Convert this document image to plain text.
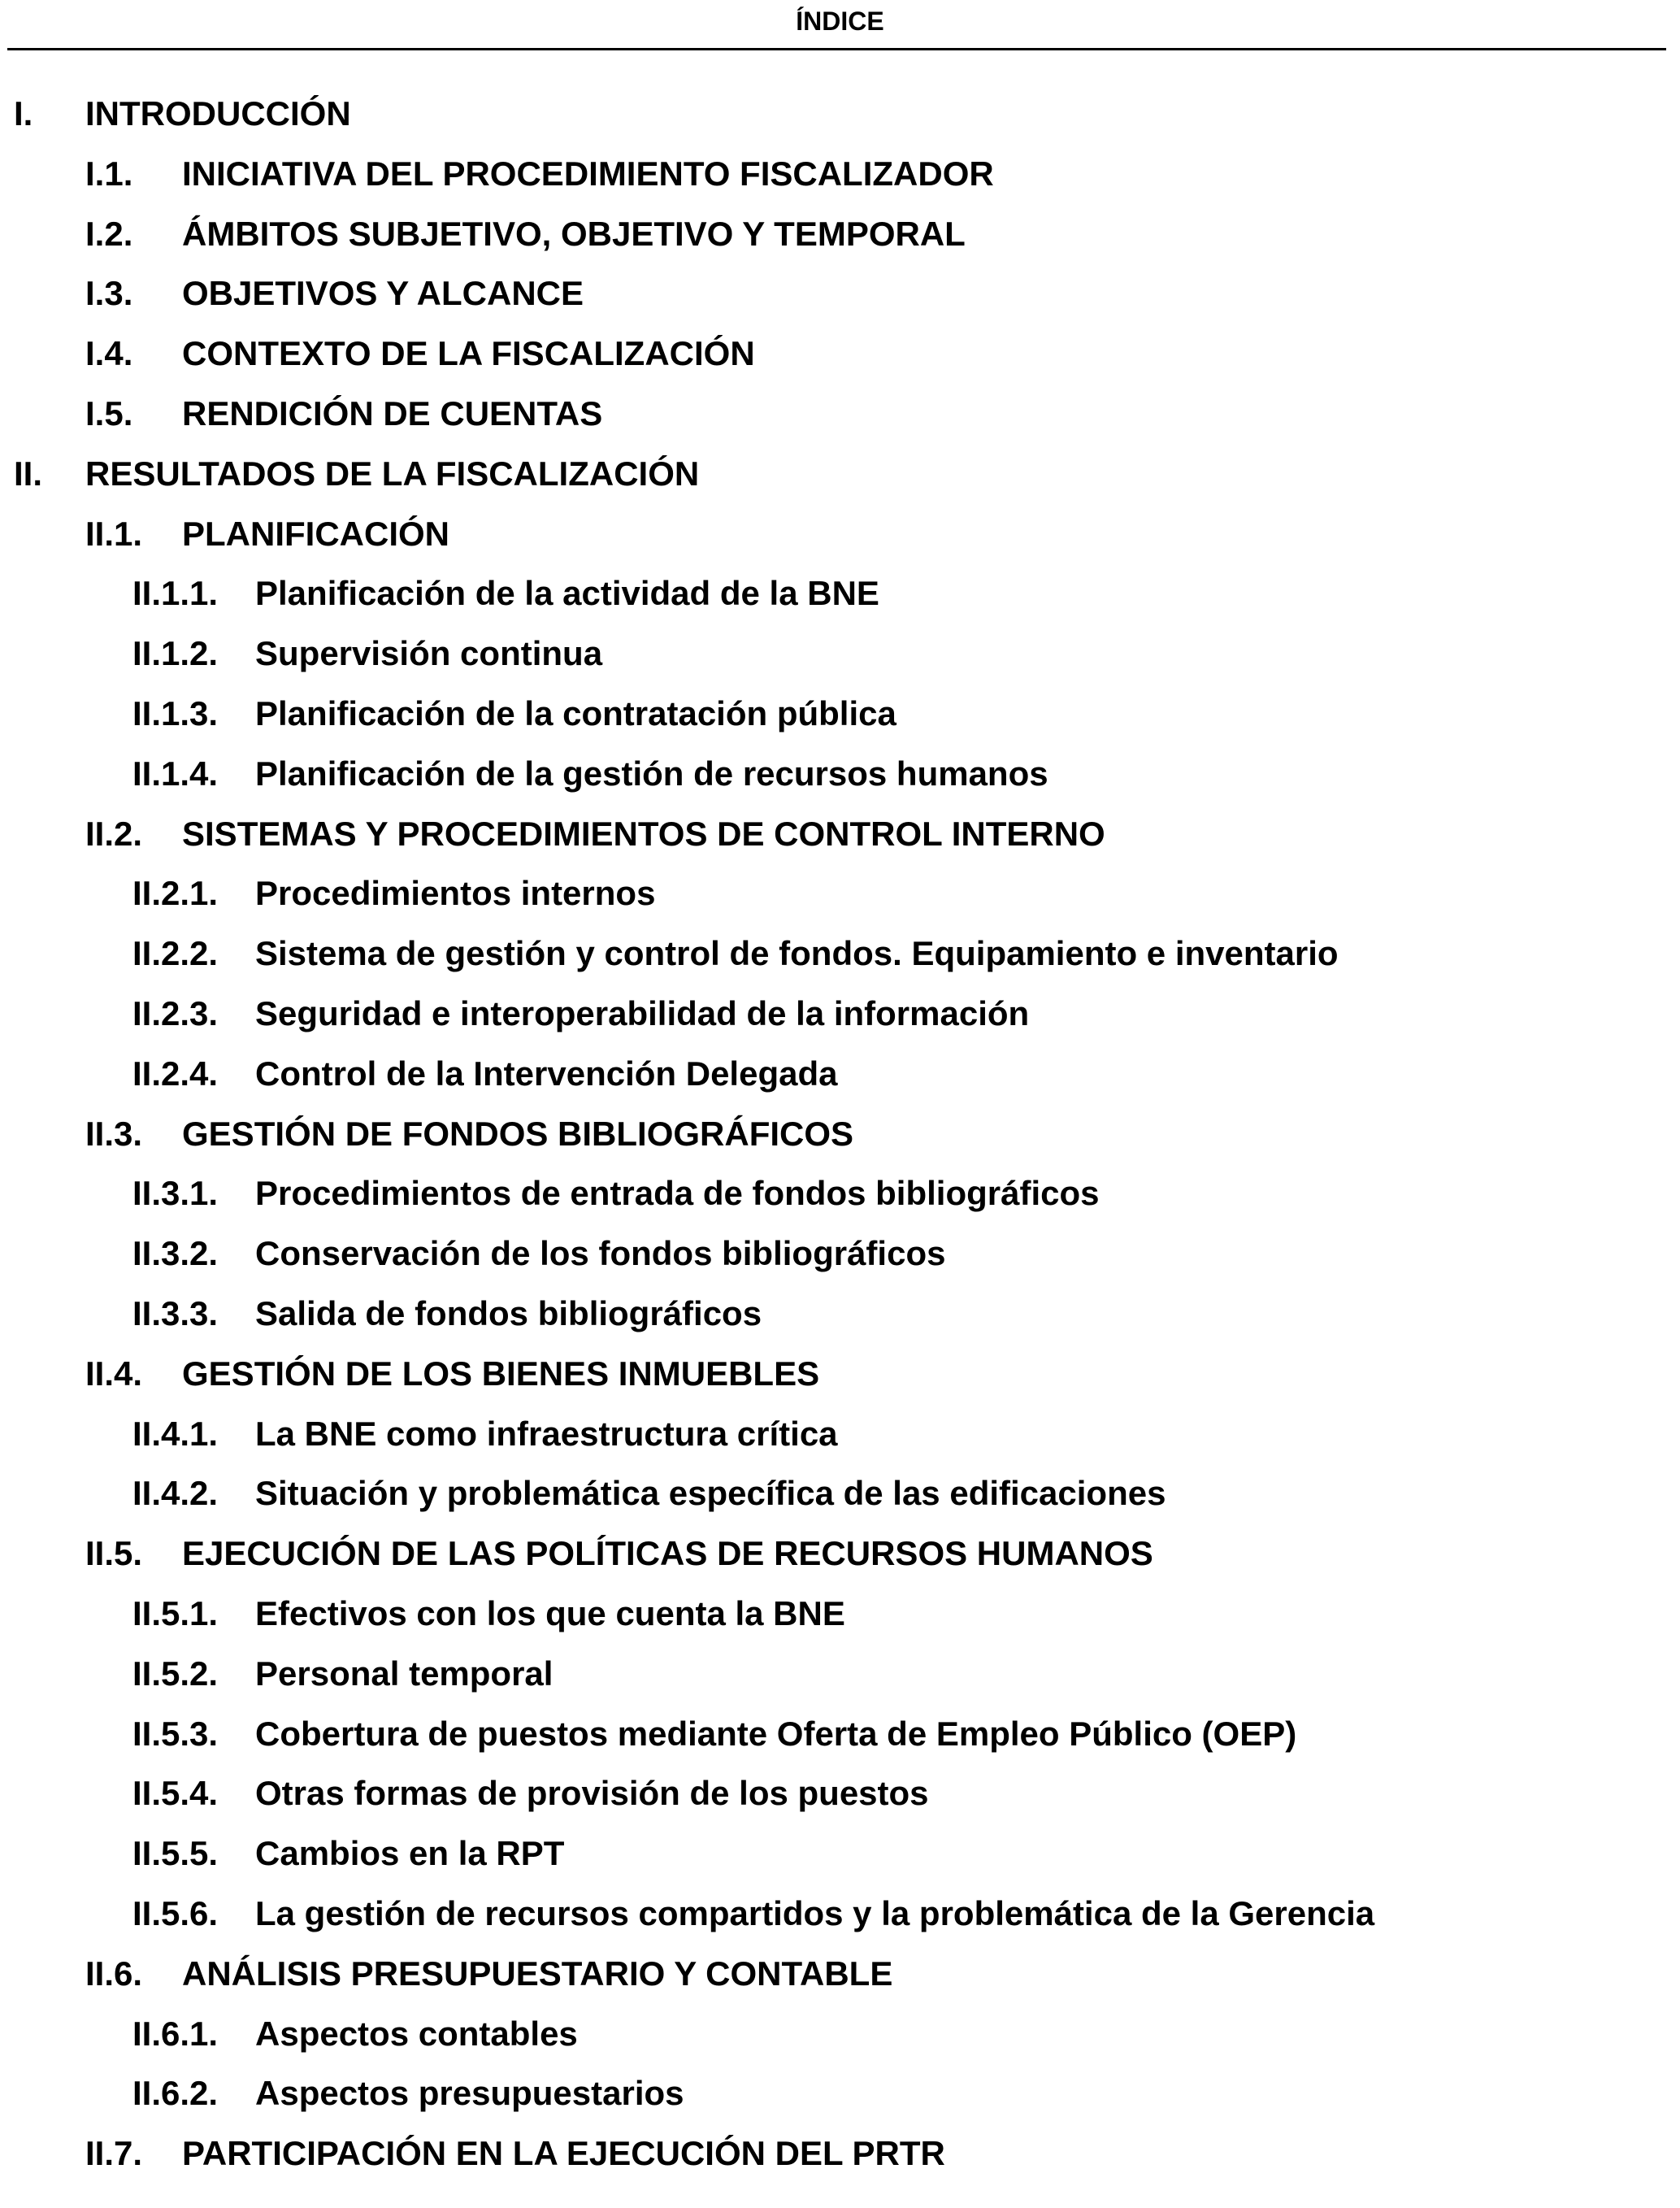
ÍNDICE
I. INTRODUCCIÓN
I.1. INICIATIVA DEL PROCEDIMIENTO FISCALIZADOR
I.2. ÁMBITOS SUBJETIVO, OBJETIVO Y TEMPORAL
I.3. OBJETIVOS Y ALCANCE
I.4. CONTEXTO DE LA FISCALIZACIÓN
I.5. RENDICIÓN DE CUENTAS
II. RESULTADOS DE LA FISCALIZACIÓN
II.1. PLANIFICACIÓN
II.1.1. Planificación de la actividad de la BNE
II.1.2. Supervisión continua
II.1.3. Planificación de la contratación pública
II.1.4. Planificación de la gestión de recursos humanos
II.2. SISTEMAS Y PROCEDIMIENTOS DE CONTROL INTERNO
II.2.1. Procedimientos internos
II.2.2. Sistema de gestión y control de fondos. Equipamiento e inventario
II.2.3. Seguridad e interoperabilidad de la información
II.2.4. Control de la Intervención Delegada
II.3. GESTIÓN DE FONDOS BIBLIOGRÁFICOS
II.3.1. Procedimientos de entrada de fondos bibliográficos
II.3.2. Conservación de los fondos bibliográficos
II.3.3. Salida de fondos bibliográficos
II.4. GESTIÓN DE LOS BIENES INMUEBLES
II.4.1. La BNE como infraestructura crítica
II.4.2. Situación y problemática específica de las edificaciones
II.5. EJECUCIÓN DE LAS POLÍTICAS DE RECURSOS HUMANOS
II.5.1. Efectivos con los que cuenta la BNE
II.5.2. Personal temporal
II.5.3. Cobertura de puestos mediante Oferta de Empleo Público (OEP)
II.5.4. Otras formas de provisión de los puestos
II.5.5. Cambios en la RPT
II.5.6. La gestión de recursos compartidos y la problemática de la Gerencia
II.6. ANÁLISIS PRESUPUESTARIO Y CONTABLE
II.6.1. Aspectos contables
II.6.2. Aspectos presupuestarios
II.7. PARTICIPACIÓN EN LA EJECUCIÓN DEL PRTR
